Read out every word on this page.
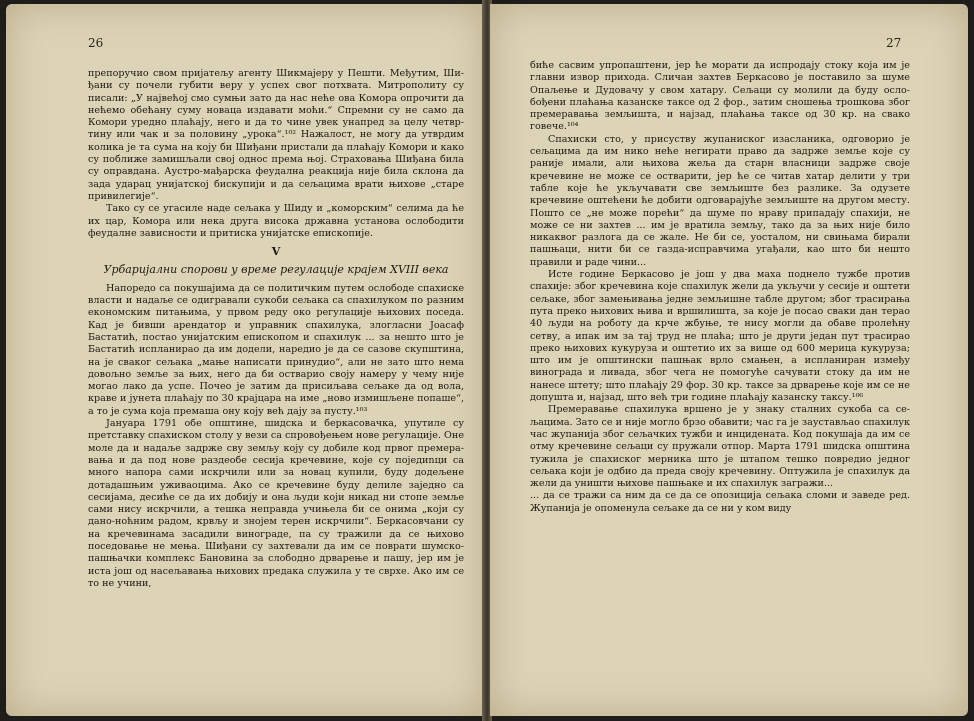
26

препоручио свом пријатељу агенту Шикмајеру у Пешти. Међутим, Шиђани су почели губити веру у успех свог потхвата. Митрополиту су писали: „У највећој смо сумњи зато да нас неће ова Комора опрочити да нећемо обећану суму новаца издавати моћи.“ Спремни су не само да Комори уредно плаћају, него и да то чине увек унапред за целу четвртину или чак и за половину „урока“.¹⁰² Нажалост, не могу да утврдим колика је та сума на коју би Шиђани пристали да плаћају Комори и како су поближе замишљали свој однос према њој. Страховања Шиђана била су оправдана. Аустро-мађарска феудална реакција није била склона да зада ударац унијатској бискупији и да сељацима врати њихове „старе привилегије“.

Тако су се угасиле наде сељака у Шиду и „коморским“ селима да ће их цар, Комора или нека друга висока државна установа ослободити феудалне зависности и притиска унијатске епископије.

V
Урбаријални спорови у време регулације крајем XVIII века

Напоредо са покушајима да се политичким путем ослободе спахиске власти и надаље се одигравали сукоби сељака са спахилуком по разним економским питањима, у првом реду око регулације њихових поседа. Кад је бивши арендатор и управник спахилука, злогласни Јоасаф Бастатић, постао унијатским епископом и спахилук ... за нешто што је Бастатић испланирао да им додели, наредио је да се сазове скупштина, на је сваког сељака „мање написати принудио“, али не зато што нема довољно земље за њих, него да би остварио своју намеру у чему није могао лако да успе. Почео је затим да присиљава сељаке да од вола, краве и јунета плаћају по 30 крајцара на име „ново измишљене попаше“, а то је сума која премаша ону коју већ дају за пусту.¹⁰³

Јануара 1791 обе општине, шидска и беркасовачка, упутиле су претставку спахиском столу у вези са спровођењем нове регулације. Оне моле да и надаље задрже сву земљу коју су добиле код првог премеравања и да под нове раздеобе сесија кречевине, које су поједиnци са много напора сами искрчили или за новац купили, буду додељене дотадашњим уживаоцима. Ако се кречевине буду делиле заједно са сесијама, десиће се да их добију и она људи који никад ни стопе земље сами нису искрчили, а тешка неправда учињела би се онима „који су дано-ноћним радом, крвљу и знојем терен искрчили“. Беркасовчани су на кречевинама засадили винограде, па су тражили да се њихово поседовање не мења. Шиђани су захтевали да им се поврати шумско-пашњачки комплекс Бановина за слободно дрварење и пашу, јер им је иста још од насељавања њихових предака служила у те сврхе. Ако им се то не учини,

27

биће сасвим упропаштени, јер ће морати да испродају стоку која им је главни извор прихода. Сличан захтев Беркасово је поставило за шуме Опаљење и Дудовачу у свом хатару. Сељаци су молили да буду ослобођени плаћања казанске таксе од 2 фор., затим сношења трошкова због премеравања земљишта, и најзад, плаћања таксе од 30 кр. на свако говече.¹⁰⁴

Спахиски сто, у присуству жупаниског изасланика, одговорио је сељацима да им нико неће негирати право да задрже земље које су раније имали, али њихова жеља да старн власници задрже своје кречевине не може се остварити, јер ће се читав хатар делити у три табле које ће укључавати све земљиште без разлике. За одузете кречевине оштећени ће добити одговарајуће земљиште на другом месту. Пошто се „не може порећи“ да шуме по нраву припадају спахији, не може се ни захтев ... им је вратила земљу, тако да за њих није било никаквог разлога да се жале. Не би се, уосталом, ни свињама бирали пашњаци, нити би се газда-исправчима угађали, као што би нешто правили и раде чини...

Исте године Беркасово је још у два маха поднело тужбе против спахије: због кречевина које спахилук жели да укључи у сесије и оштети сељаке, због замењивања једне земљишне табле другом; због трасирања пута преко њихових њива и вршилишта, за које је посао сваки дан терао 40 људи на роботу да крче жбуње, те нису могли да обаве пролећну сетву, а ипак им за тај труд не плаћа; што је други један пут трасирао преко њихових кукуруза и оштетио их за више од 600 мерица кукуруза; што им је општински пашњак врло смањен, а испланиран између винограда и ливада, због чега не помогућe сачувати стоку да им не нанесе штету; што плаћају 29 фор. 30 кр. таксе за дрварење које им се не допушта и, најзад, што већ три године плаћају казанску таксу.¹⁰⁶

Премеравање спахилука вршено је у знаку сталних сукоба са сељацима. Зато се и није могло брзо обавити; час га је заустављао спахилук час жупанија због сељачких тужби и инцидената. Код покушаја да им се отму кречевине сељаци су пружали отпор. Марта 1791 шидска општина тужила је спахиског мерника што је штапом тешко повредио једног сељака који је одбио да преда своју кречевину. Оптужила је спахилук да жели да уништи њихове пашњаке и их спахилук загражи...

... да се тражи са ним да се да се опозиција сељака сломи и заведе ред. Жупанија је опоменула сељаке да се ни у ком виду
